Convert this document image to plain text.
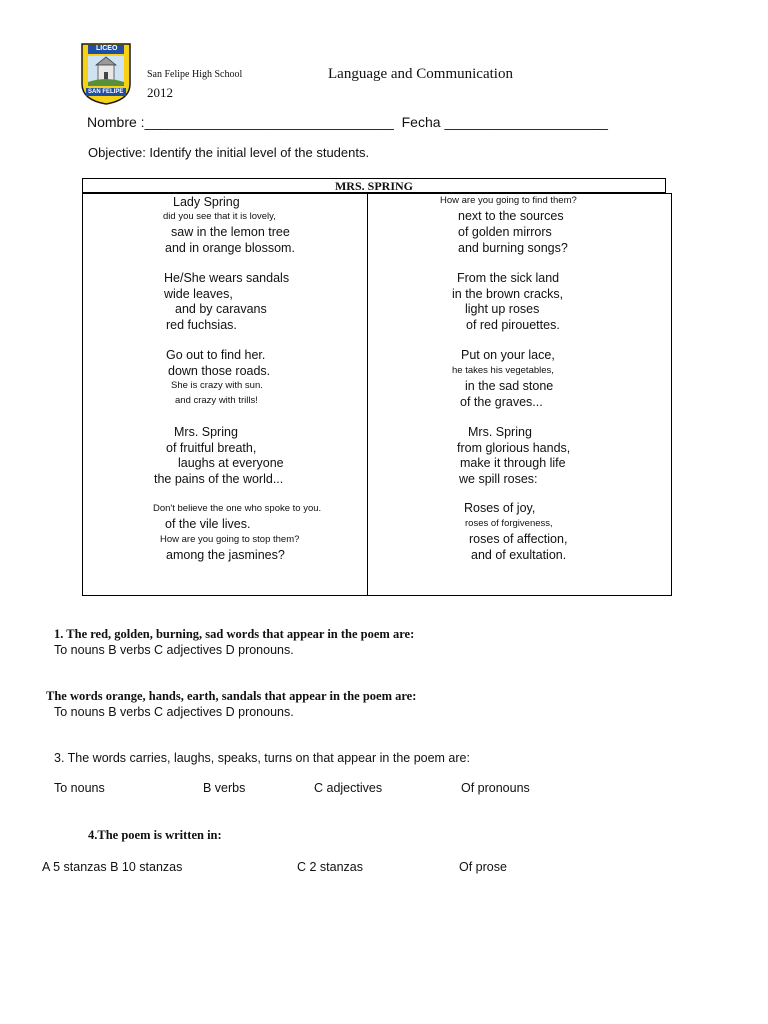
LICEO
SAN FELIPE
San Felipe High School
2012
Language and Communication
Nombre :________________________________ Fecha _____________________
Objective: Identify the initial level of the students.
MRS. SPRING
Lady Spring
did you see that it is lovely,
saw in the lemon tree
and in orange blossom.
He/She wears sandals
wide leaves,
and by caravans
red fuchsias.
Go out to find her.
down those roads.
She is crazy with sun.
and crazy with trills!
Mrs. Spring
of fruitful breath,
laughs at everyone
the pains of the world...
Don't believe the one who spoke to you.
of the vile lives.
How are you going to stop them?
among the jasmines?
How are you going to find them?
next to the sources
of golden mirrors
and burning songs?
From the sick land
in the brown cracks,
light up roses
of red pirouettes.
Put on your lace,
he takes his vegetables,
in the sad stone
of the graves...
Mrs. Spring
from glorious hands,
make it through life
we spill roses:
Roses of joy,
roses of forgiveness,
roses of affection,
and of exultation.
1. The red, golden, burning, sad words that appear in the poem are:
To nouns B verbs C adjectives D pronouns.
The words orange, hands, earth, sandals that appear in the poem are:
To nouns B verbs C adjectives D pronouns.
3. The words carries, laughs, speaks, turns on that appear in the poem are:
To nouns	B verbs	C adjectives	Of pronouns
4.The poem is written in:
A 5 stanzas B 10 stanzas	C 2 stanzas	Of prose
